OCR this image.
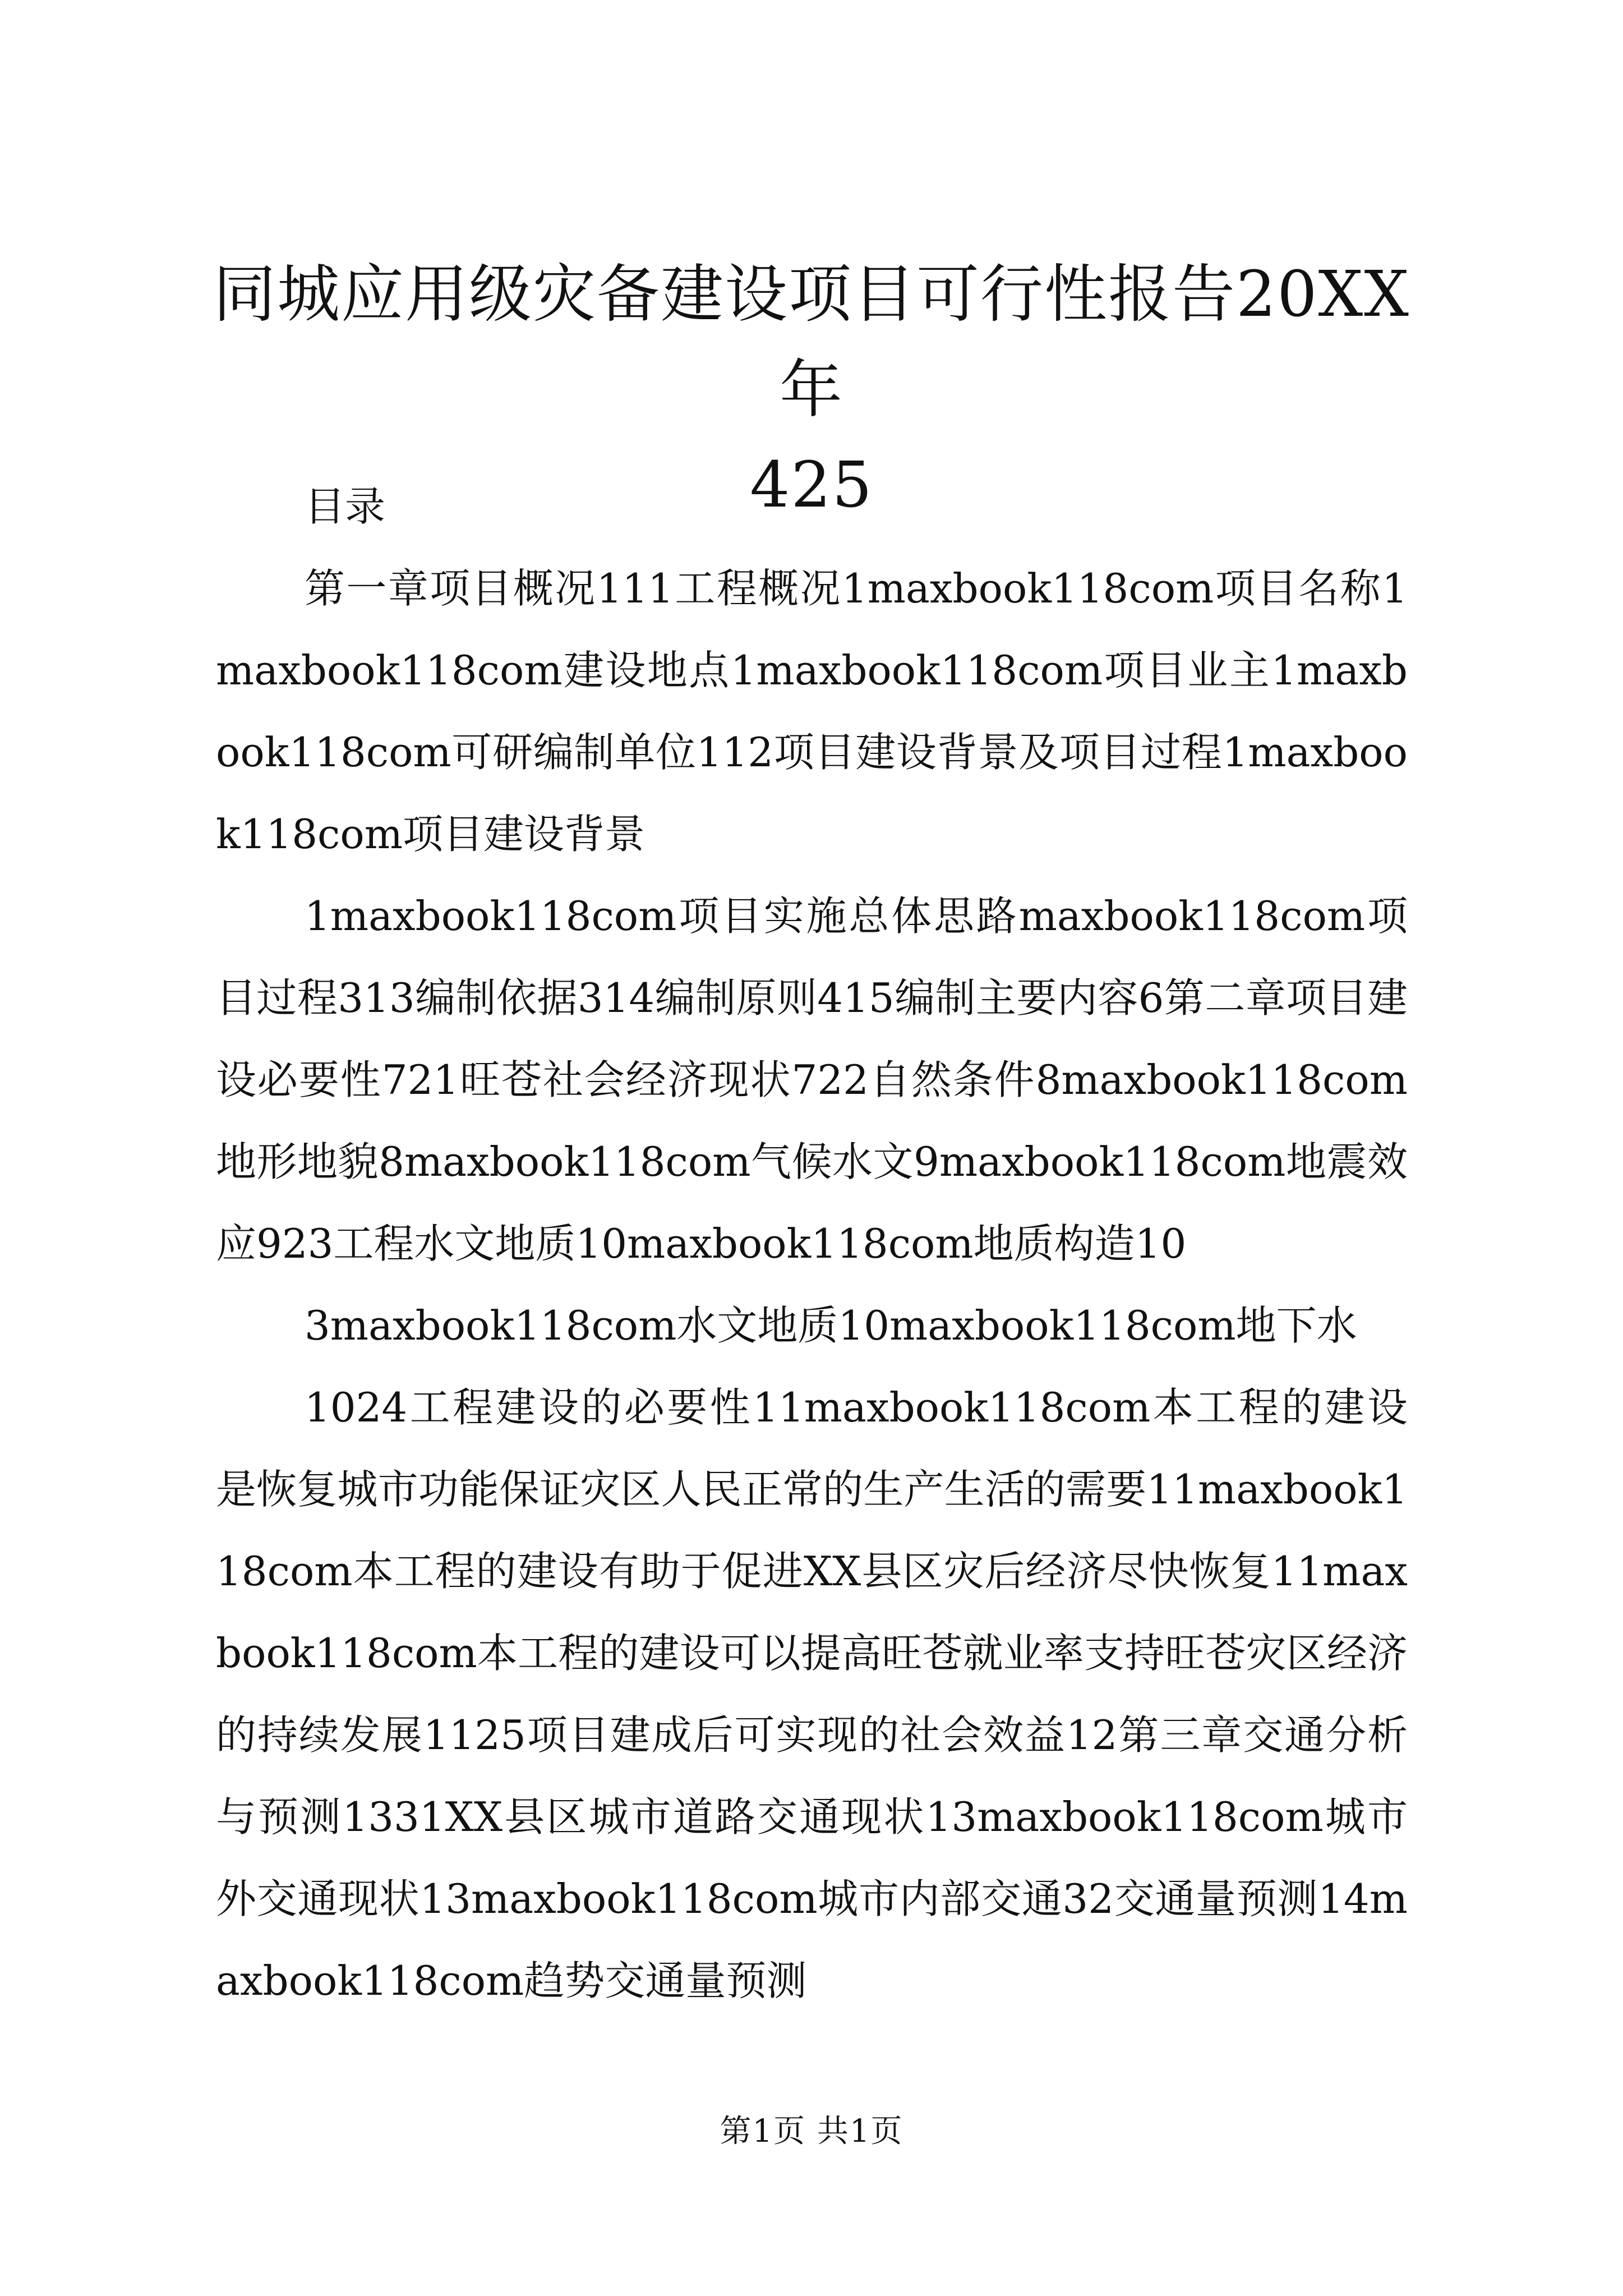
同城应用级灾备建设项目可行性报告20XX年
425

目录

第一章项目概况111工程概况1maxbook118com项目名称1maxbook118com建设地点1maxbook118com项目业主1maxbook118com可研编制单位112项目建设背景及项目过程1maxbook118com项目建设背景

1maxbook118com项目实施总体思路maxbook118com项目过程313编制依据314编制原则415编制主要内容6第二章项目建设必要性721旺苍社会经济现状722自然条件8maxbook118com地形地貌8maxbook118com气候水文9maxbook118com地震效应923工程水文地质10maxbook118com地质构造10

3maxbook118com水文地质10maxbook118com地下水

1024工程建设的必要性11maxbook118com本工程的建设是恢复城市功能保证灾区人民正常的生产生活的需要11maxbook118com本工程的建设有助于促进XX县区灾后经济尽快恢复11maxbook118com本工程的建设可以提高旺苍就业率支持旺苍灾区经济的持续发展1125项目建成后可实现的社会效益12第三章交通分析与预测1331XX县区城市道路交通现状13maxbook118com城市外交通现状13maxbook118com城市内部交通32交通量预测14maxbook118com趋势交通量预测

第1页 共1页
